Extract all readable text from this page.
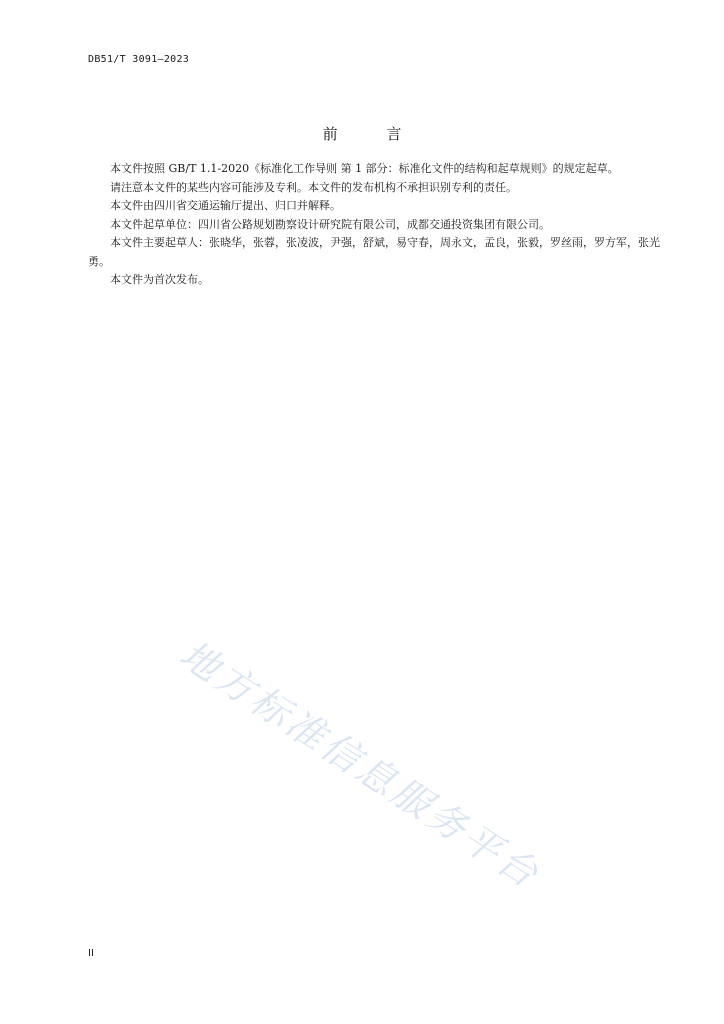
DB51/T 3091—2023
前 言

本文件按照 GB/T 1.1-2020《标准化工作导则 第 1 部分：标准化文件的结构和起草规则》的规定起草。

请注意本文件的某些内容可能涉及专利。本文件的发布机构不承担识别专利的责任。

本文件由四川省交通运输厅提出、归口并解释。

本文件起草单位：四川省公路规划勘察设计研究院有限公司，成都交通投资集团有限公司。

本文件主要起草人：张晓华，张蓉，张凌波，尹强，舒斌，易守春，周永文，孟良，张毅，罗丝雨，罗方军，张光勇。

本文件为首次发布。

地方标准信息服务平台
II
